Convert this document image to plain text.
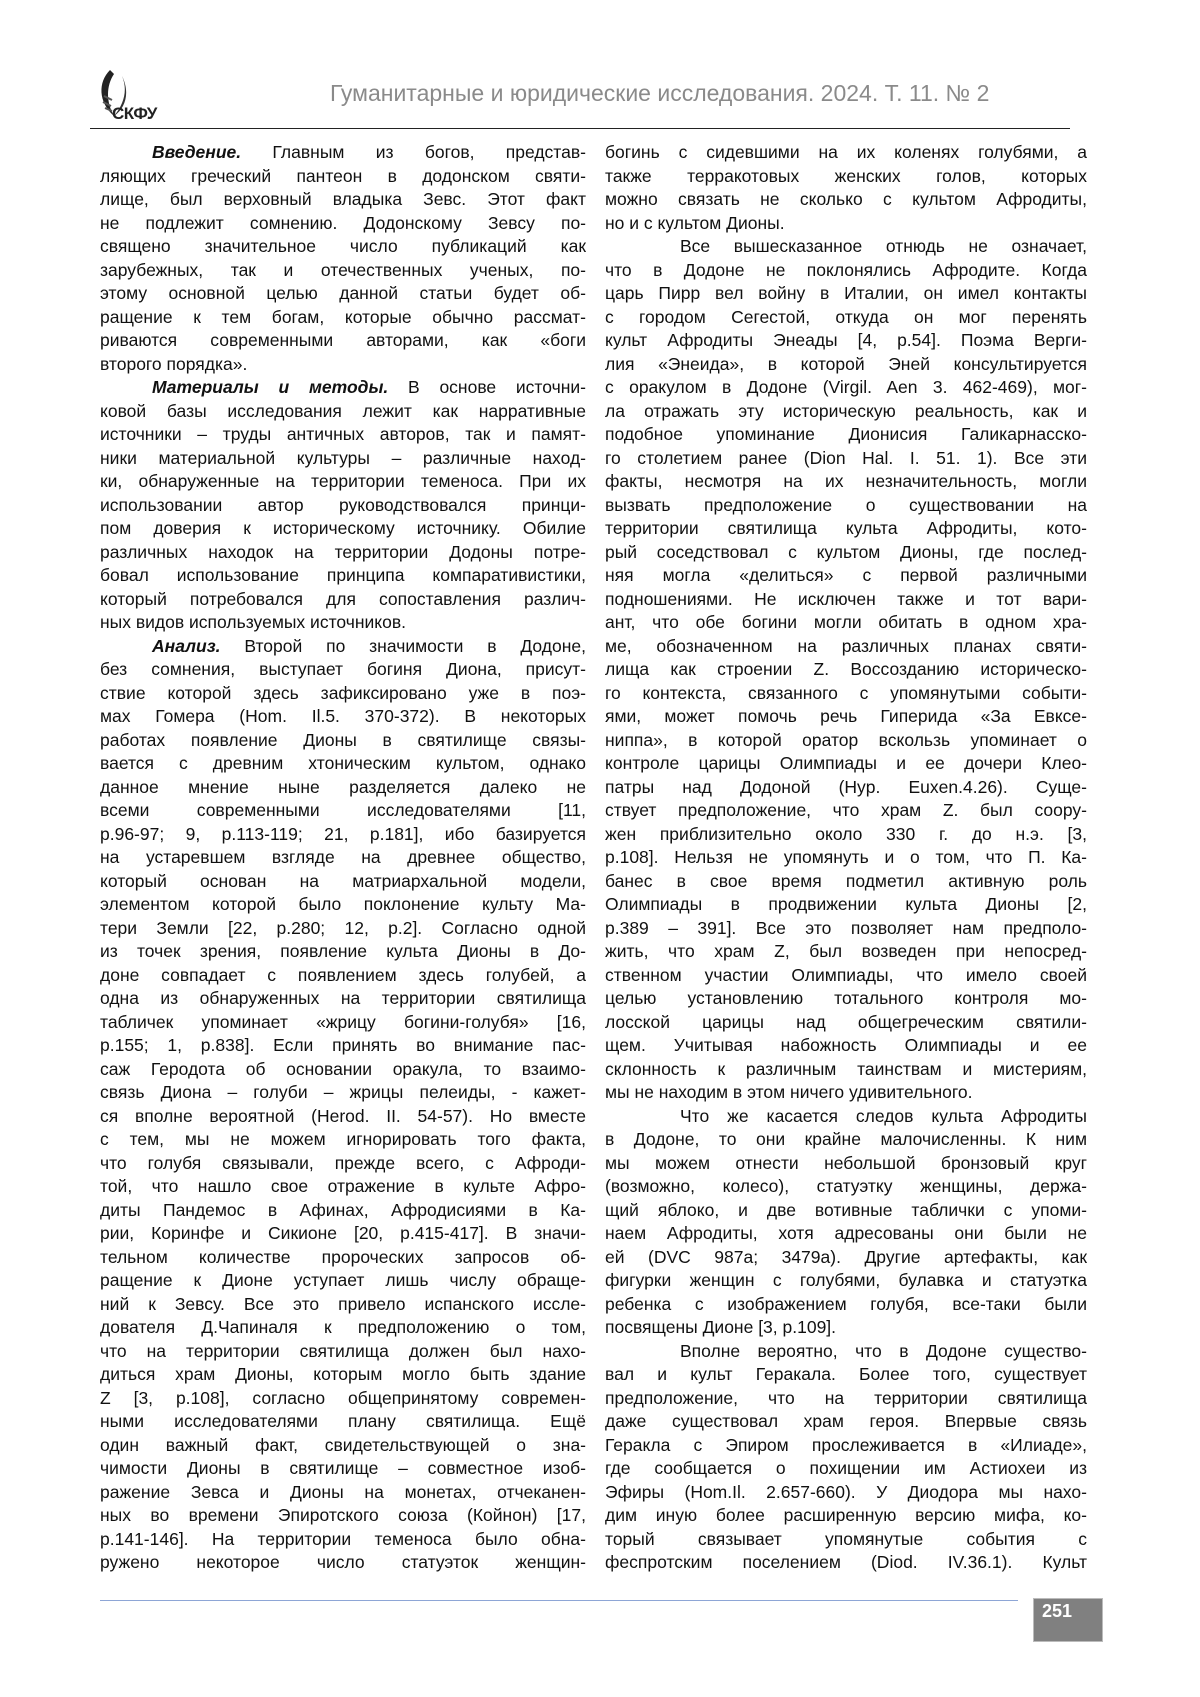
СКФУ
Гуманитарные и юридические исследования. 2024. Т. 11. № 2
Введение. Главным из богов, представ-
ляющих греческий пантеон в додонском святи-
лище, был верховный владыка Зевс. Этот факт
не подлежит сомнению. Додонскому Зевсу по-
священо значительное число публикаций как
зарубежных, так и отечественных ученых, по-
этому основной целью данной статьи будет об-
ращение к тем богам, которые обычно рассмат-
риваются современными авторами, как «боги
второго порядка».
Материалы и методы. В основе источни-
ковой базы исследования лежит как нарративные
источники – труды античных авторов, так и памят-
ники материальной культуры – различные наход-
ки, обнаруженные на территории теменоса. При их
использовании автор руководствовался принци-
пом доверия к историческому источнику. Обилие
различных находок на территории Додоны потре-
бовал использование принципа компаративистики,
который потребовался для сопоставления различ-
ных видов используемых источников.
Анализ. Второй по значимости в Додоне,
без сомнения, выступает богиня Диона, присут-
ствие которой здесь зафиксировано уже в поэ-
мах Гомера (Hom. Il.5. 370-372). В некоторых
работах появление Дионы в святилище связы-
вается с древним хтоническим культом, однако
данное мнение ныне разделяется далеко не
всеми современными исследователями [11,
p.96-97; 9, p.113-119; 21, p.181], ибо базируется
на устаревшем взгляде на древнее общество,
который основан на матриархальной модели,
элементом которой было поклонение культу Ма-
тери Земли [22, p.280; 12, p.2]. Согласно одной
из точек зрения, появление культа Дионы в До-
доне совпадает с появлением здесь голубей, а
одна из обнаруженных на территории святилища
табличек упоминает «жрицу богини-голубя» [16,
p.155; 1, p.838]. Если принять во внимание пас-
саж Геродота об основании оракула, то взаимо-
связь Диона – голуби – жрицы пелеиды, - кажет-
ся вполне вероятной (Herod. II. 54-57). Но вместе
с тем, мы не можем игнорировать того факта,
что голубя связывали, прежде всего, с Афроди-
той, что нашло свое отражение в культе Афро-
диты Пандемос в Афинах, Афродисиями в Ка-
рии, Коринфе и Сикионе [20, p.415-417]. В значи-
тельном количестве пророческих запросов об-
ращение к Дионе уступает лишь числу обраще-
ний к Зевсу. Все это привело испанского иссле-
дователя Д.Чапиналя к предположению о том,
что на территории святилища должен был нахо-
диться храм Дионы, которым могло быть здание
Z [3, p.108], согласно общепринятому современ-
ными исследователями плану святилища. Ещё
один важный факт, свидетельствующей о зна-
чимости Дионы в святилище – совместное изоб-
ражение Зевса и Дионы на монетах, отчеканен-
ных во времени Эпиротского союза (Койнон) [17,
p.141-146]. На территории теменоса было обна-
ружено некоторое число статуэток женщин-
богинь с сидевшими на их коленях голубями, а
также терракотовых женских голов, которых
можно связать не сколько с культом Афродиты,
но и с культом Дионы.
Все вышесказанное отнюдь не означает,
что в Додоне не поклонялись Афродите. Когда
царь Пирр вел войну в Италии, он имел контакты
с городом Сегестой, откуда он мог перенять
культ Афродиты Энеады [4, p.54]. Поэма Верги-
лия «Энеида», в которой Эней консультируется
с оракулом в Додоне (Virgil. Aen 3. 462-469), мог-
ла отражать эту историческую реальность, как и
подобное упоминание Дионисия Галикарнасско-
го столетием ранее (Dion Hal. I. 51. 1). Все эти
факты, несмотря на их незначительность, могли
вызвать предположение о существовании на
территории святилища культа Афродиты, кото-
рый соседствовал с культом Дионы, где послед-
няя могла «делиться» с первой различными
подношениями. Не исключен также и тот вари-
ант, что обе богини могли обитать в одном хра-
ме, обозначенном на различных планах святи-
лища как строении Z. Воссозданию историческо-
го контекста, связанного с упомянутыми событи-
ями, может помочь речь Гиперида «За Евксе-
ниппа», в которой оратор вскользь упоминает о
контроле царицы Олимпиады и ее дочери Клео-
патры над Додоной (Hyp. Euxen.4.26). Суще-
ствует предположение, что храм Z. был соору-
жен приблизительно около 330 г. до н.э. [3,
p.108]. Нельзя не упомянуть и о том, что П. Ка-
банес в свое время подметил активную роль
Олимпиады в продвижении культа Дионы [2,
p.389 – 391]. Все это позволяет нам предполо-
жить, что храм Z, был возведен при непосред-
ственном участии Олимпиады, что имело своей
целью установлению тотального контроля мо-
лосской царицы над общегреческим святили-
щем. Учитывая набожность Олимпиады и ее
склонность к различным таинствам и мистериям,
мы не находим в этом ничего удивительного.
Что же касается следов культа Афродиты
в Додоне, то они крайне малочисленны. К ним
мы можем отнести небольшой бронзовый круг
(возможно, колесо), статуэтку женщины, держа-
щий яблоко, и две вотивные таблички с упоми-
наем Афродиты, хотя адресованы они были не
ей (DVC 987a; 3479a). Другие артефакты, как
фигурки женщин с голубями, булавка и статуэтка
ребенка с изображением голубя, все-таки были
посвящены Дионе [3, p.109].
Вполне вероятно, что в Додоне существо-
вал и культ Геракала. Более того, существует
предположение, что на территории святилища
даже существовал храм героя. Впервые связь
Геракла с Эпиром прослеживается в «Илиаде»,
где сообщается о похищении им Астиохеи из
Эфиры (Hom.Il. 2.657-660). У Диодора мы нахо-
дим иную более расширенную версию мифа, ко-
торый связывает упомянутые события с
феспротским поселением (Diod. IV.36.1). Культ
251
